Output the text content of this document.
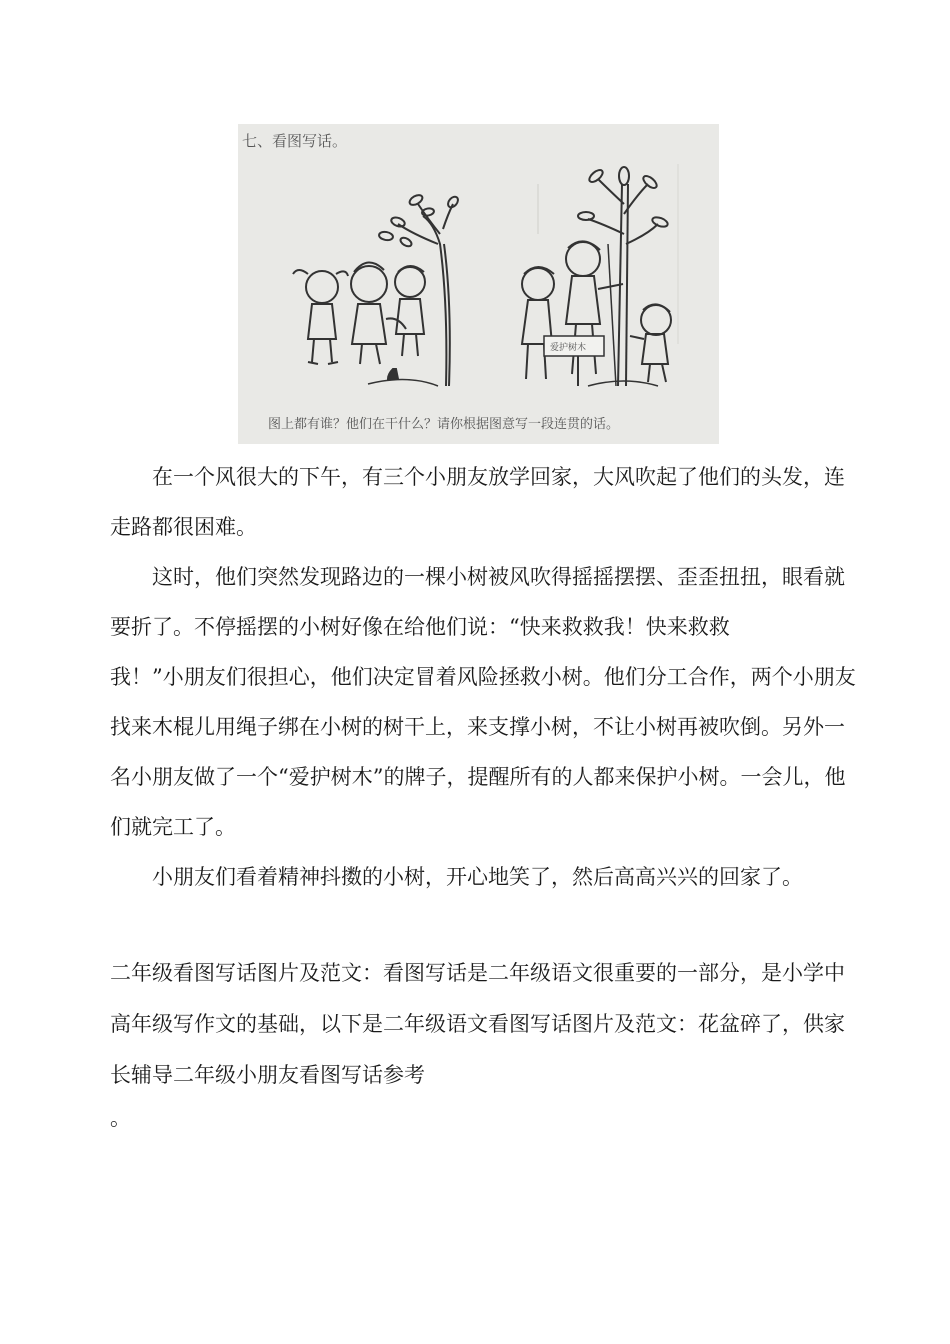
七、看图写话。
爱护树木
图上都有谁？他们在干什么？请你根据图意写一段连贯的话。

在一个风很大的下午，有三个小朋友放学回家，大风吹起了他们的头发，连走路都很困难。

这时，他们突然发现路边的一棵小树被风吹得摇摇摆摆、歪歪扭扭，眼看就要折了。不停摇摆的小树好像在给他们说：“快来救救我！快来救救

我！”小朋友们很担心，他们决定冒着风险拯救小树。他们分工合作，两个小朋友找来木棍儿用绳子绑在小树的树干上，来支撑小树，不让小树再被吹倒。另外一名小朋友做了一个“爱护树木”的牌子，提醒所有的人都来保护小树。一会儿，他们就完工了。

小朋友们看着精神抖擞的小树，开心地笑了，然后高高兴兴的回家了。

二年级看图写话图片及范文：看图写话是二年级语文很重要的一部分，是小学中高年级写作文的基础，以下是二年级语文看图写话图片及范文：花盆碎了，供家长辅导二年级小朋友看图写话参考

。
